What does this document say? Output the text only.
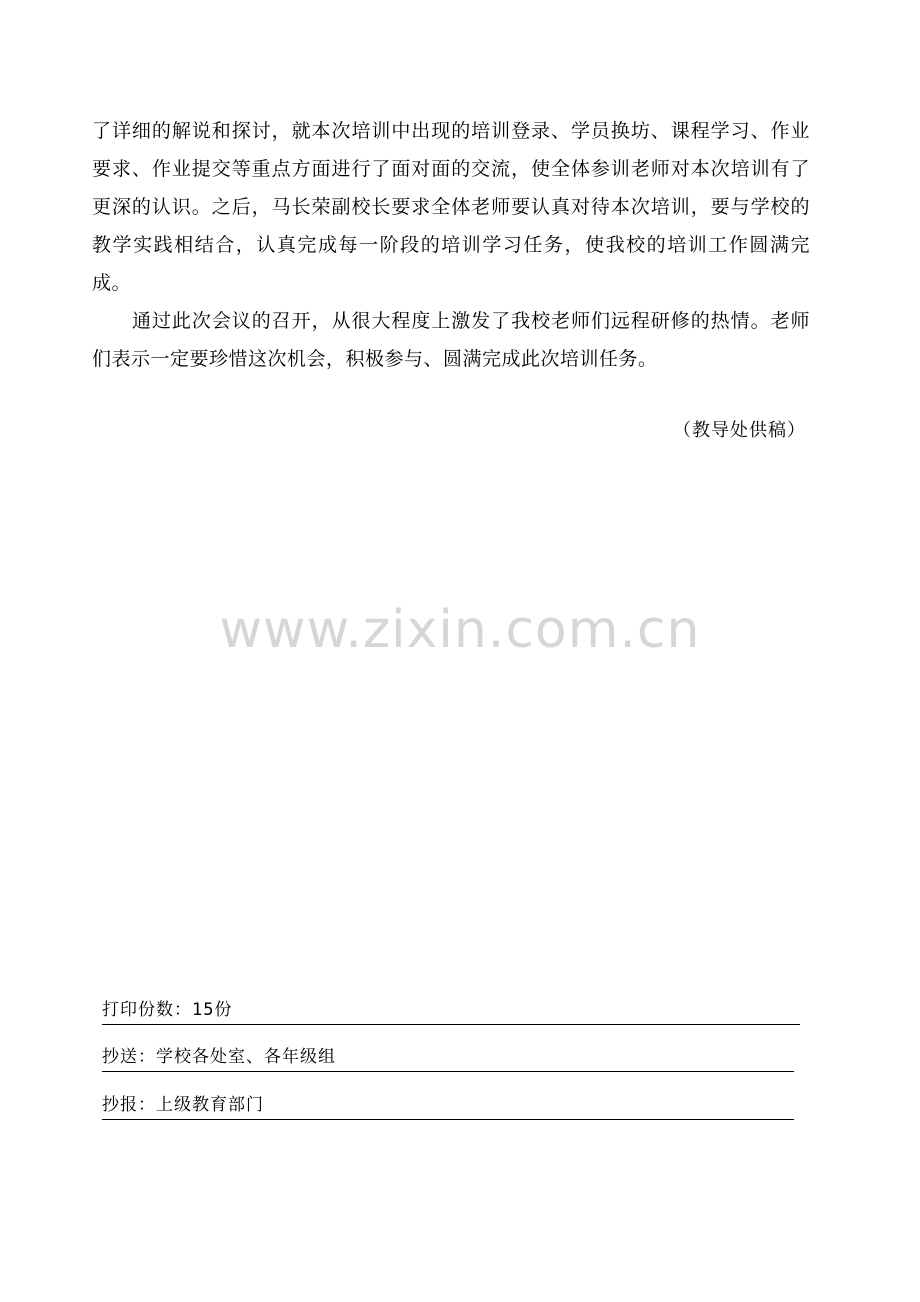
了详细的解说和探讨，就本次培训中出现的培训登录、学员换坊、课程学习、作业要求、作业提交等重点方面进行了面对面的交流，使全体参训老师对本次培训有了更深的认识。之后，马长荣副校长要求全体老师要认真对待本次培训，要与学校的教学实践相结合，认真完成每一阶段的培训学习任务，使我校的培训工作圆满完成。

通过此次会议的召开，从很大程度上激发了我校老师们远程研修的热情。老师们表示一定要珍惜这次机会，积极参与、圆满完成此次培训任务。

（教导处供稿）
www.zixin.com.cn
打印份数：15份
抄送：学校各处室、各年级组
抄报：上级教育部门
